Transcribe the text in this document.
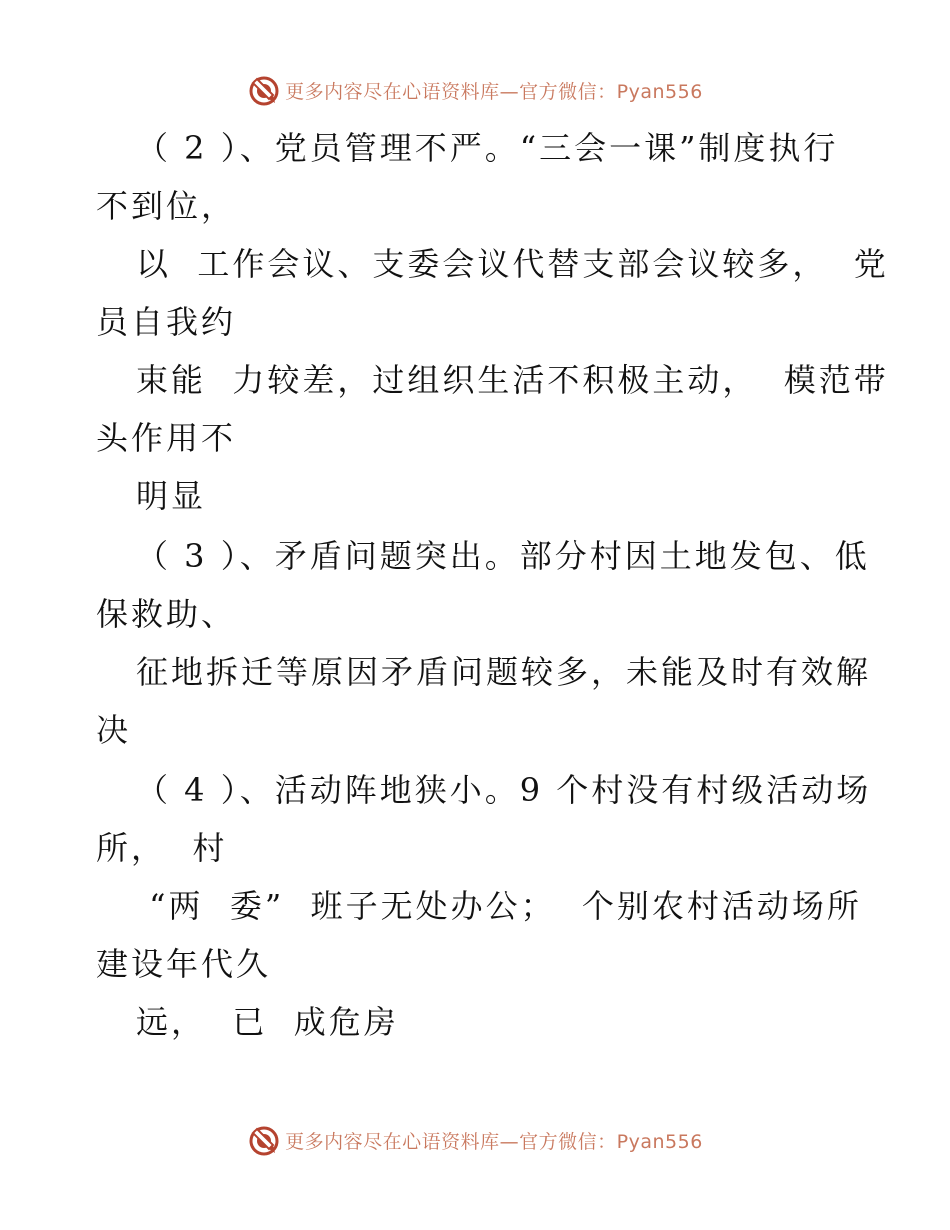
更多内容尽在心语资料库—官方微信：Pyan556
（ 2 ）、党员管理不严。“三会一课”制度执行
不到位，
以  工作会议、支委会议代替支部会议较多，  党
员自我约
束能  力较差，过组织生活不积极主动，  模范带
头作用不
明显
（ 3 ）、矛盾问题突出。部分村因土地发包、低
保救助、
征地拆迁等原因矛盾问题较多，未能及时有效解
决
（ 4 ）、活动阵地狭小。9 个村没有村级活动场
所，  村
“两  委”  班子无处办公；  个别农村活动场所
建设年代久
远，  已  成危房
更多内容尽在心语资料库—官方微信：Pyan556
